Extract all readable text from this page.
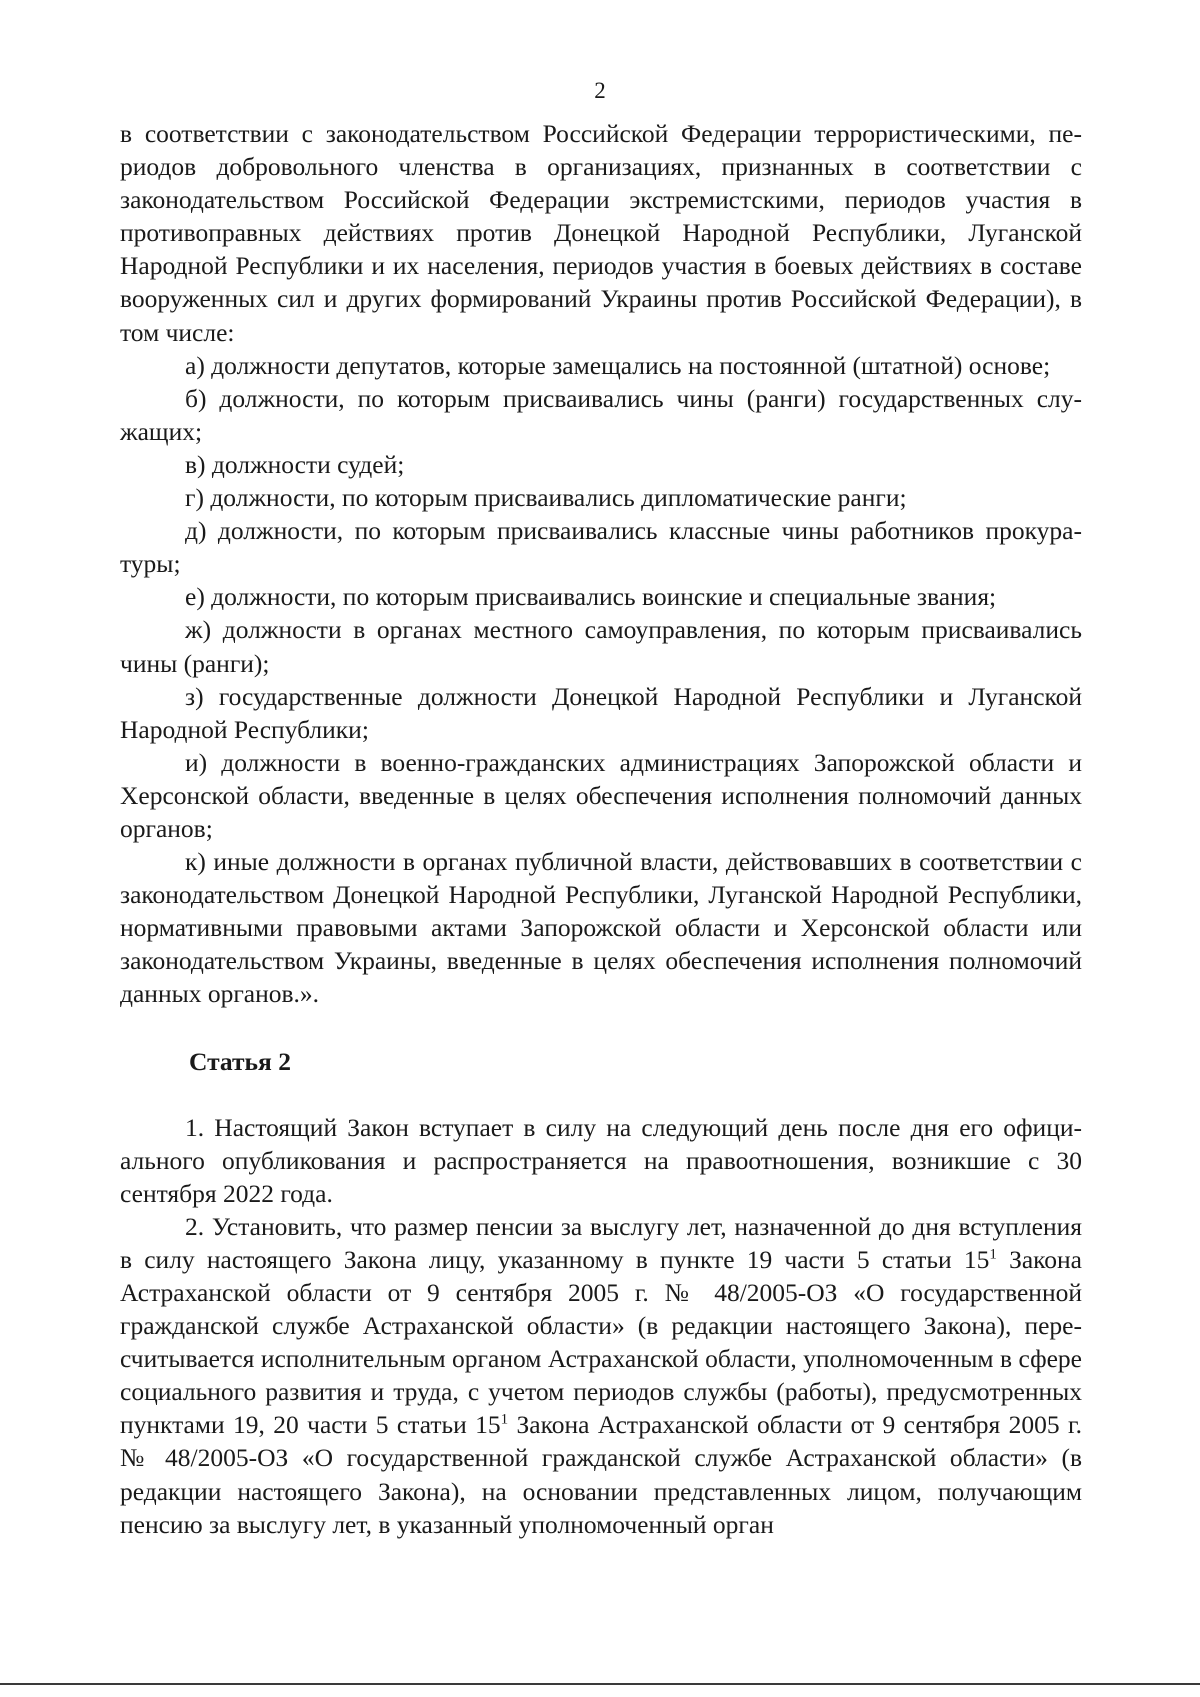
2

в соответствии с законодательством Российской Федерации террористическими, периодов добровольного членства в организациях, признанных в соответствии с законодательством Российской Федерации экстремистскими, периодов участия в противоправных действиях против Донецкой Народной Республики, Луганской Народной Республики и их населения, периодов участия в боевых действиях в составе вооруженных сил и других формирований Украины против Российской Федерации), в том числе:

а) должности депутатов, которые замещались на постоянной (штатной) основе;

б) должности, по которым присваивались чины (ранги) государственных служащих;

в) должности судей;

г) должности, по которым присваивались дипломатические ранги;

д) должности, по которым присваивались классные чины работников прокуратуры;

е) должности, по которым присваивались воинские и специальные звания;

ж) должности в органах местного самоуправления, по которым присваивались чины (ранги);

з) государственные должности Донецкой Народной Республики и Луганской Народной Республики;

и) должности в военно-гражданских администрациях Запорожской области и Херсонской области, введенные в целях обеспечения исполнения полномочий данных органов;

к) иные должности в органах публичной власти, действовавших в соответствии с законодательством Донецкой Народной Республики, Луганской Народной Республики, нормативными правовыми актами Запорожской области и Херсонской области или законодательством Украины, введенные в целях обеспечения исполнения полномочий данных органов.».

Статья 2

1. Настоящий Закон вступает в силу на следующий день после дня его официального опубликования и распространяется на правоотношения, возникшие с 30 сентября 2022 года.

2. Установить, что размер пенсии за выслугу лет, назначенной до дня вступления в силу настоящего Закона лицу, указанному в пункте 19 части 5 статьи $15^1$ Закона Астраханской области от 9 сентября 2005 г. № 48/2005-ОЗ «О государственной гражданской службе Астраханской области» (в редакции настоящего Закона), пересчитывается исполнительным органом Астраханской области, уполномоченным в сфере социального развития и труда, с учетом периодов службы (работы), предусмотренных пунктами 19, 20 части 5 статьи $15^1$ Закона Астраханской области от 9 сентября 2005 г. № 48/2005-ОЗ «О государственной гражданской службе Астраханской области» (в редакции настоящего Закона), на основании представленных лицом, получающим пенсию за выслугу лет, в указанный уполномоченный орган
